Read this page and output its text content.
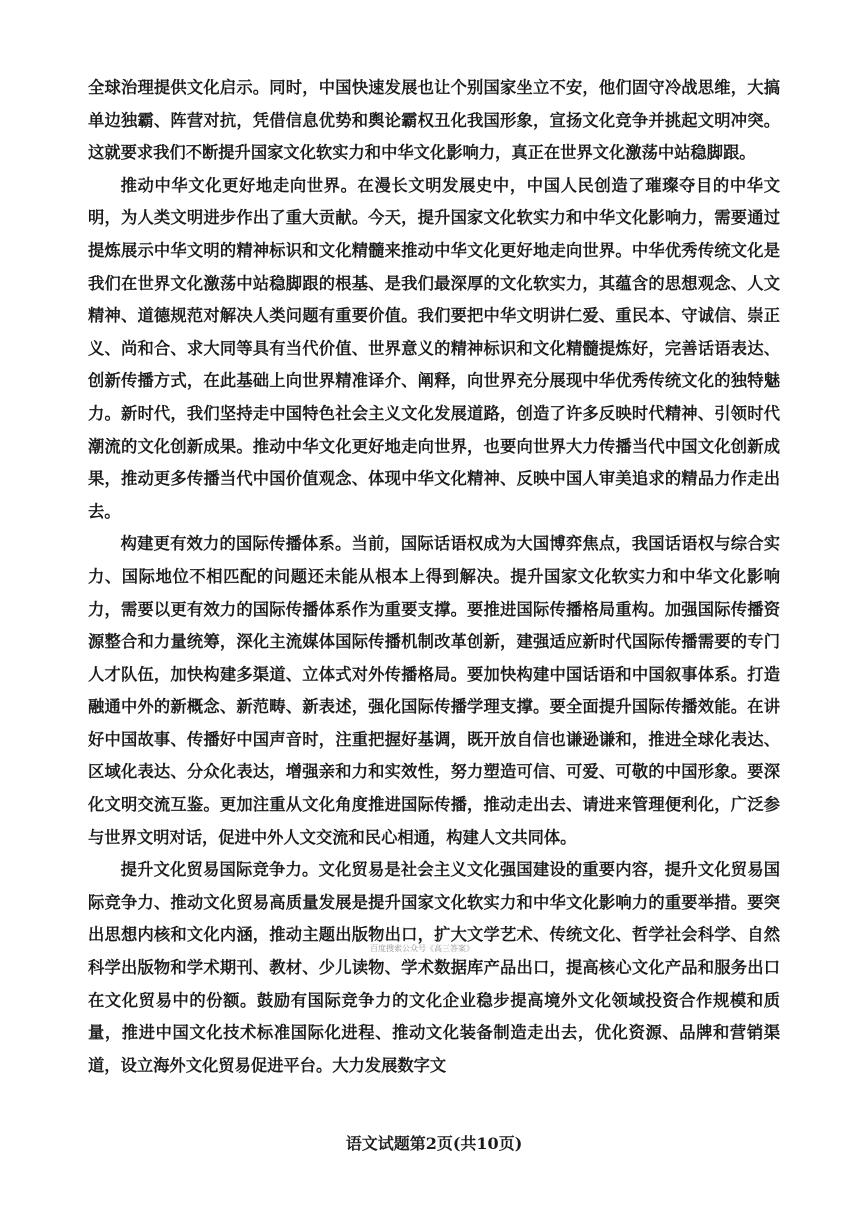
全球治理提供文化启示。同时，中国快速发展也让个别国家坐立不安，他们固守冷战思维，大搞单边独霸、阵营对抗，凭借信息优势和舆论霸权丑化我国形象，宣扬文化竞争并挑起文明冲突。这就要求我们不断提升国家文化软实力和中华文化影响力，真正在世界文化激荡中站稳脚跟。

推动中华文化更好地走向世界。在漫长文明发展史中，中国人民创造了璀璨夺目的中华文明，为人类文明进步作出了重大贡献。今天，提升国家文化软实力和中华文化影响力，需要通过提炼展示中华文明的精神标识和文化精髓来推动中华文化更好地走向世界。中华优秀传统文化是我们在世界文化激荡中站稳脚跟的根基、是我们最深厚的文化软实力，其蕴含的思想观念、人文精神、道德规范对解决人类问题有重要价值。我们要把中华文明讲仁爱、重民本、守诚信、崇正义、尚和合、求大同等具有当代价值、世界意义的精神标识和文化精髓提炼好，完善话语表达、创新传播方式，在此基础上向世界精准译介、阐释，向世界充分展现中华优秀传统文化的独特魅力。新时代，我们坚持走中国特色社会主义文化发展道路，创造了许多反映时代精神、引领时代潮流的文化创新成果。推动中华文化更好地走向世界，也要向世界大力传播当代中国文化创新成果，推动更多传播当代中国价值观念、体现中华文化精神、反映中国人审美追求的精品力作走出去。

构建更有效力的国际传播体系。当前，国际话语权成为大国博弈焦点，我国话语权与综合实力、国际地位不相匹配的问题还未能从根本上得到解决。提升国家文化软实力和中华文化影响力，需要以更有效力的国际传播体系作为重要支撑。要推进国际传播格局重构。加强国际传播资源整合和力量统筹，深化主流媒体国际传播机制改革创新，建强适应新时代国际传播需要的专门人才队伍，加快构建多渠道、立体式对外传播格局。要加快构建中国话语和中国叙事体系。打造融通中外的新概念、新范畴、新表述，强化国际传播学理支撑。要全面提升国际传播效能。在讲好中国故事、传播好中国声音时，注重把握好基调，既开放自信也谦逊谦和，推进全球化表达、区域化表达、分众化表达，增强亲和力和实效性，努力塑造可信、可爱、可敬的中国形象。要深化文明交流互鉴。更加注重从文化角度推进国际传播，推动走出去、请进来管理便利化，广泛参与世界文明对话，促进中外人文交流和民心相通，构建人文共同体。

提升文化贸易国际竞争力。文化贸易是社会主义文化强国建设的重要内容，提升文化贸易国际竞争力、推动文化贸易高质量发展是提升国家文化软实力和中华文化影响力的重要举措。要突出思想内核和文化内涵，推动主题出版物出口，扩大文学艺术、传统文化、哲学社会科学、自然科学出版物和学术期刊、教材、少儿读物、学术数据库产品出口，提高核心文化产品和服务出口在文化贸易中的份额。鼓励有国际竞争力的文化企业稳步提高境外文化领域投资合作规模和质量，推进中国文化技术标准国际化进程、推动文化装备制造走出去，优化资源、品牌和营销渠道，设立海外文化贸易促进平台。大力发展数字文

百度搜索公众号《高三答案》
语文试题第2页(共10页)
